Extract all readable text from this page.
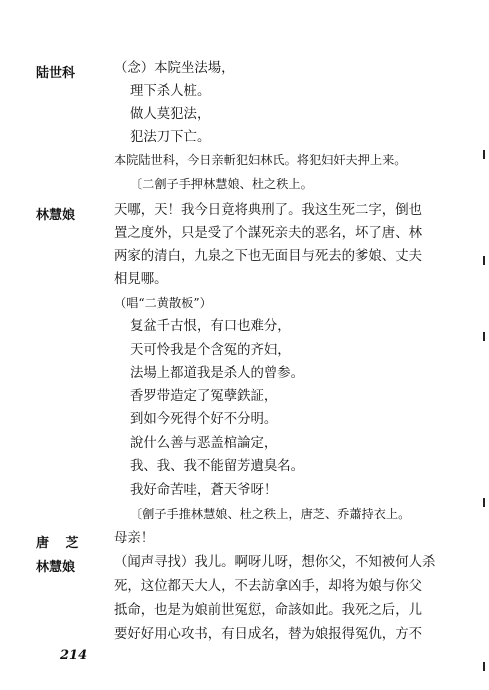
陆世科
林慧娘
唐 芝
林慧娘
（念）本院坐法場，
理下杀人桩。
做人莫犯法，
犯法刀下亡。
本院陆世科，今日亲斬犯妇林氏。将犯妇奸夫押上来。
〔二劊子手押林慧娘、杜之秩上。
天哪，天！我今日竟将典刑了。我这生死二字，倒也
置之度外，只是受了个謀死亲夫的恶名，坏了唐、林
两家的清白，九泉之下也无面目与死去的爹娘、丈夫
相見哪。
（唱“二黄散板”）
复盆千古恨，有口也难分，
天可怜我是个含冤的齐妇，
法場上都道我是杀人的曾参。
香罗带造定了冤孽鉄証，
到如今死得个好不分明。
說什么善与恶盖棺論定，
我、我、我不能留芳遺臭名。
我好命苦哇，蒼天爷呀！
〔劊子手推林慧娘、杜之秩上，唐芝、乔蕭持衣上。
母亲！
（闻声寻找）我儿。啊呀儿呀，想你父，不知被何人杀
死，这位都天大人，不去訪拿凶手，却将为娘与你父
抵命，也是为娘前世冤愆，命該如此。我死之后，儿
要好好用心攻书，有日成名，替为娘报得冤仇，方不
214
